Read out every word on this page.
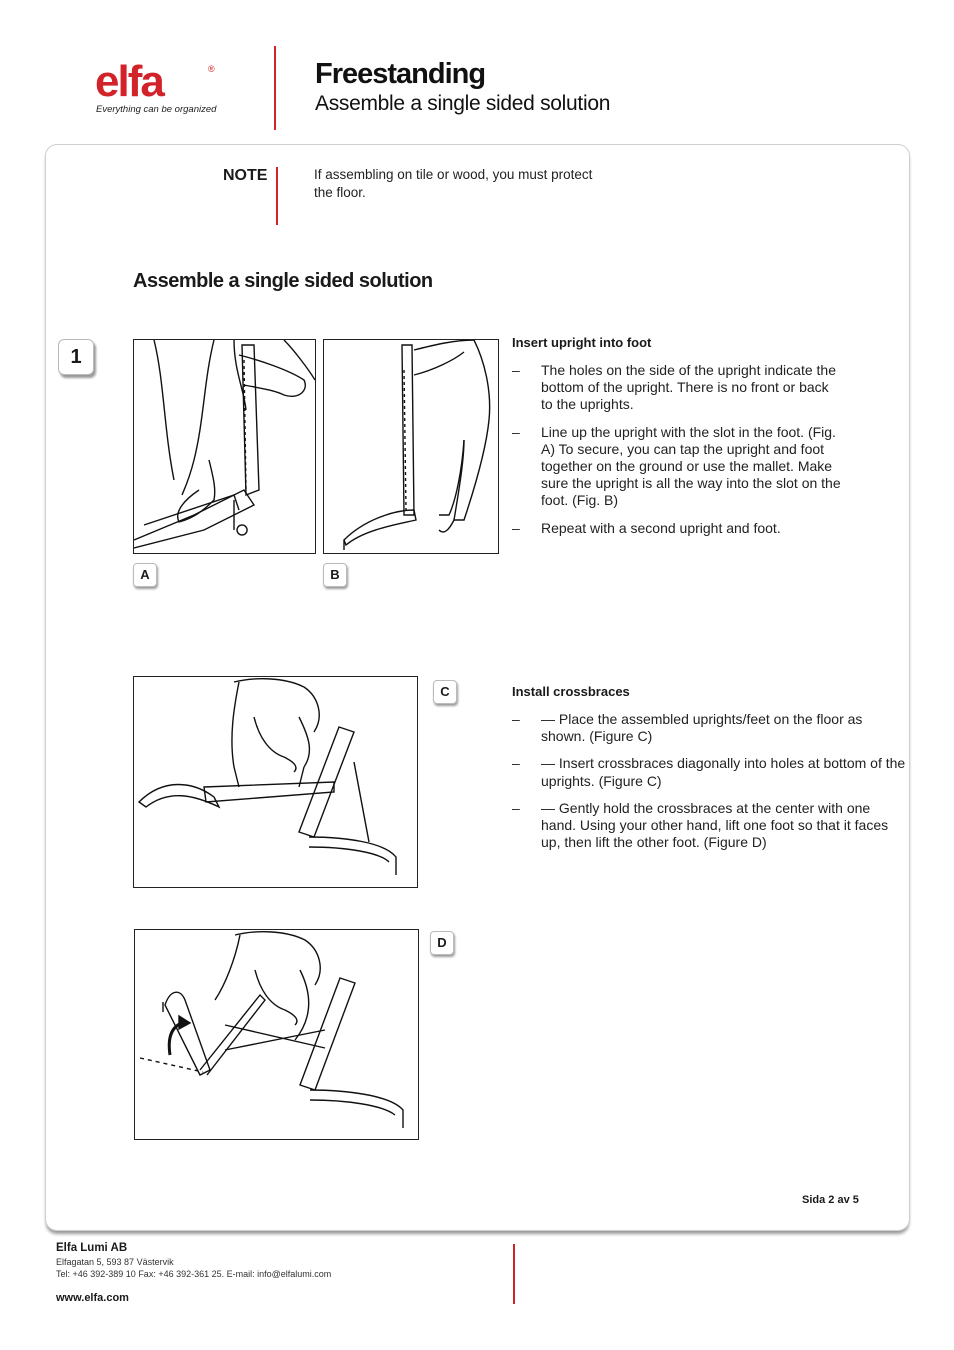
elfa	®
Everything can be organized
Freestanding
Assemble a single sided solution
NOTE	If assembling on tile or wood, you must protect the floor.
Assemble a single sided solution
1
A	B
Insert upright into foot
– The holes on the side of the upright indicate the bottom of the upright. There is no front or back to the uprights.
– Line up the upright with the slot in the foot. (Fig. A) To secure, you can tap the upright and foot together on the ground or use the mallet. Make sure the upright is all the way into the slot on the foot. (Fig. B)
– Repeat with a second upright and foot.
C	Install crossbraces
– — Place the assembled uprights/feet on the floor as shown. (Figure C)
– — Insert crossbraces diagonally into holes at bottom of the uprights. (Figure C)
– — Gently hold the crossbraces at the center with one hand. Using your other hand, lift one foot so that it faces up, then lift the other foot. (Figure D)
D
Sida 2 av 5
Elfa Lumi AB
Elfagatan 5, 593 87 Västervik
Tel: +46 392-389 10 Fax: +46 392-361 25. E-mail: info@elfalumi.com
www.elfa.com
